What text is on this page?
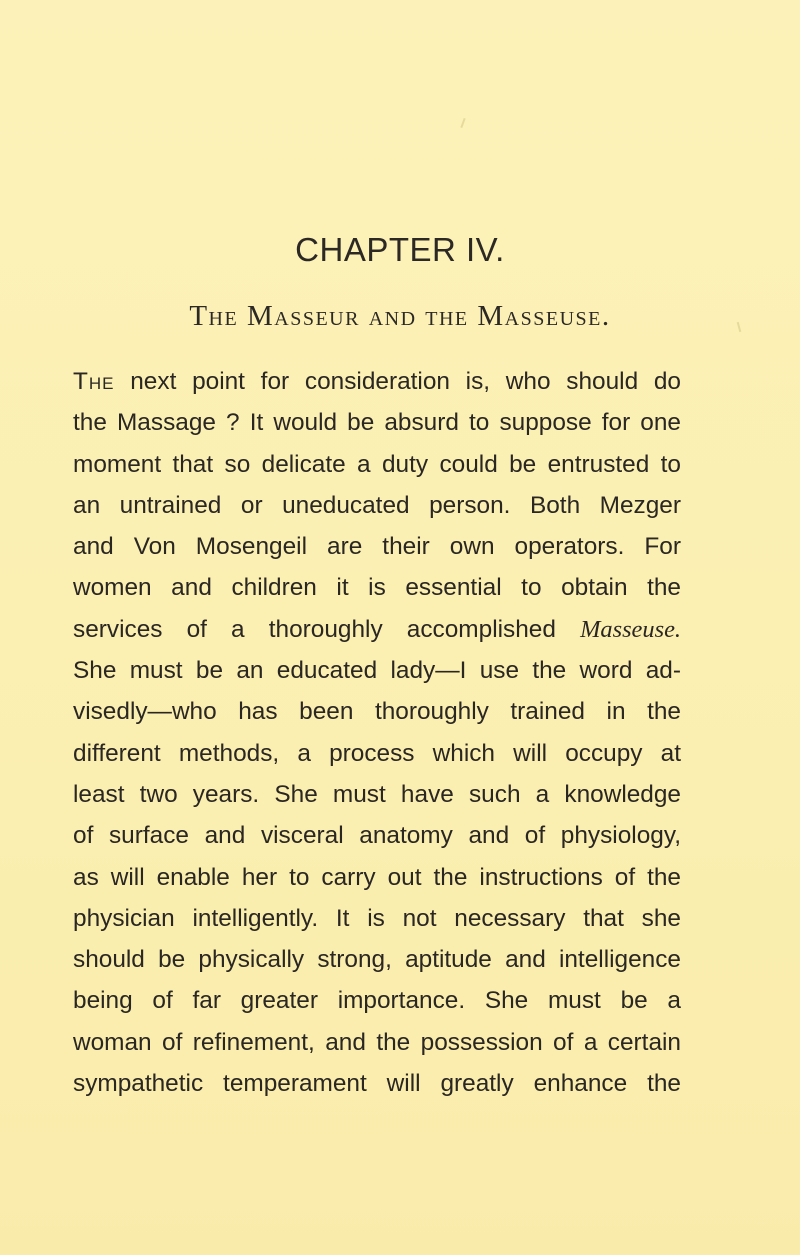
CHAPTER IV.
The Masseur and the Masseuse.
The next point for consideration is, who should do
the Massage ? It would be absurd to suppose for one
moment that so delicate a duty could be entrusted to
an untrained or uneducated person. Both Mezger
and Von Mosengeil are their own operators. For
women and children it is essential to obtain the
services of a thoroughly accomplished Masseuse.
She must be an educated lady—I use the word ad-
visedly—who has been thoroughly trained in the
different methods, a process which will occupy at
least two years. She must have such a knowledge
of surface and visceral anatomy and of physiology,
as will enable her to carry out the instructions of the
physician intelligently. It is not necessary that she
should be physically strong, aptitude and intelligence
being of far greater importance. She must be a
woman of refinement, and the possession of a certain
sympathetic temperament will greatly enhance the
